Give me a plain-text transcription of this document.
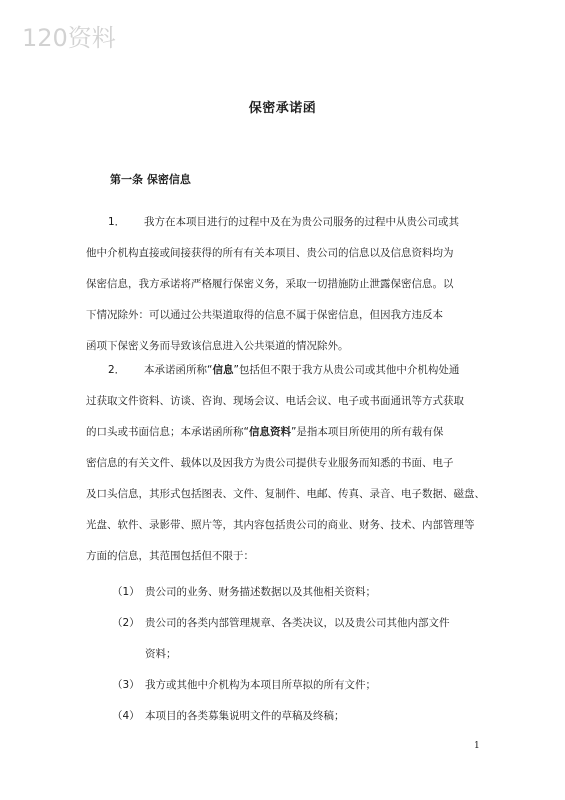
120资料
保密承诺函
第一条 保密信息
1． 我方在本项目进行的过程中及在为贵公司服务的过程中从贵公司或其
他中介机构直接或间接获得的所有有关本项目、贵公司的信息以及信息资料均为
保密信息，我方承诺将严格履行保密义务，采取一切措施防止泄露保密信息。以
下情况除外：可以通过公共渠道取得的信息不属于保密信息，但因我方违反本
函项下保密义务而导致该信息进入公共渠道的情况除外。
2． 本承诺函所称“信息”包括但不限于我方从贵公司或其他中介机构处通
过获取文件资料、访谈、咨询、现场会议、电话会议、电子或书面通讯等方式获取
的口头或书面信息；本承诺函所称“信息资料”是指本项目所使用的所有载有保
密信息的有关文件、载体以及因我方为贵公司提供专业服务而知悉的书面、电子
及口头信息，其形式包括图表、文件、复制件、电邮、传真、录音、电子数据、磁盘、
光盘、软件、录影带、照片等，其内容包括贵公司的商业、财务、技术、内部管理等
方面的信息，其范围包括但不限于：
（1） 贵公司的业务、财务描述数据以及其他相关资料；
（2） 贵公司的各类内部管理规章、各类决议，以及贵公司其他内部文件
资料；
（3） 我方或其他中介机构为本项目所草拟的所有文件；
（4） 本项目的各类募集说明文件的草稿及终稿；
1
